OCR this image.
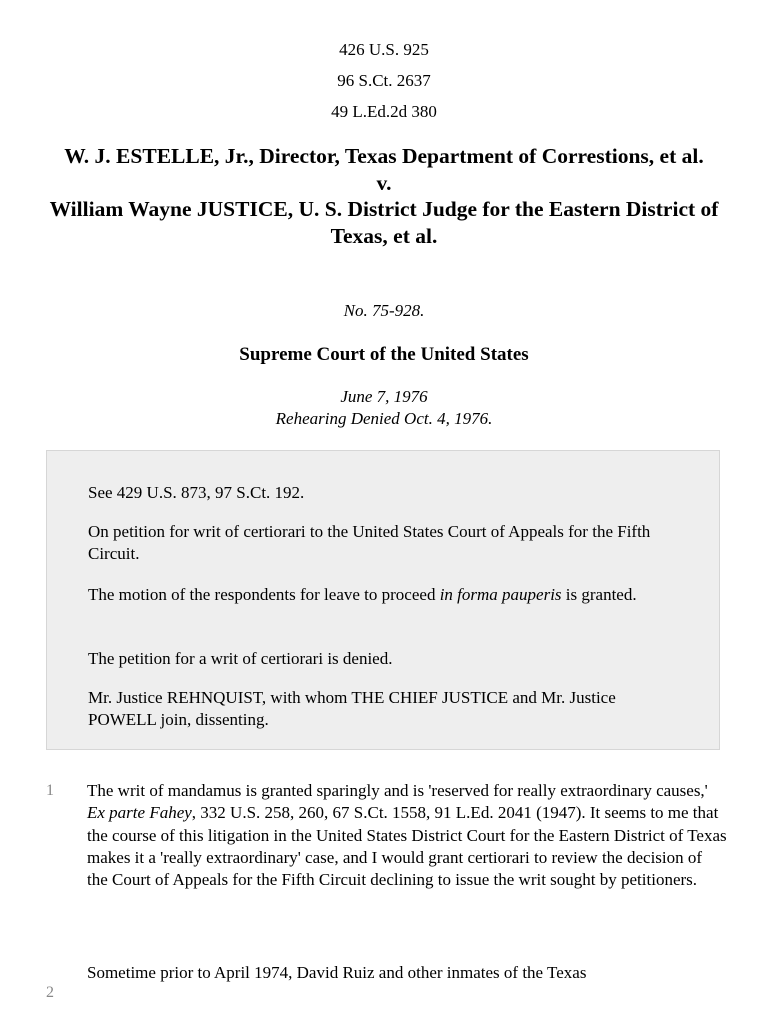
426 U.S. 925
96 S.Ct. 2637
49 L.Ed.2d 380
W. J. ESTELLE, Jr., Director, Texas Department of Correstions, et al.
v.
William Wayne JUSTICE, U. S. District Judge for the Eastern District of Texas, et al.
No. 75-928.
Supreme Court of the United States
June 7, 1976
Rehearing Denied Oct. 4, 1976.

See 429 U.S. 873, 97 S.Ct. 192.

On petition for writ of certiorari to the United States Court of Appeals for the Fifth Circuit.

The motion of the respondents for leave to proceed in forma pauperis is granted.

The petition for a writ of certiorari is denied.

Mr. Justice REHNQUIST, with whom THE CHIEF JUSTICE and Mr. Justice POWELL join, dissenting.

1 The writ of mandamus is granted sparingly and is 'reserved for really extraordinary causes,' Ex parte Fahey, 332 U.S. 258, 260, 67 S.Ct. 1558, 91 L.Ed. 2041 (1947). It seems to me that the course of this litigation in the United States District Court for the Eastern District of Texas makes it a 'really extraordinary' case, and I would grant certiorari to review the decision of the Court of Appeals for the Fifth Circuit declining to issue the writ sought by petitioners.

2

Sometime prior to April 1974, David Ruiz and other inmates of the Texas
